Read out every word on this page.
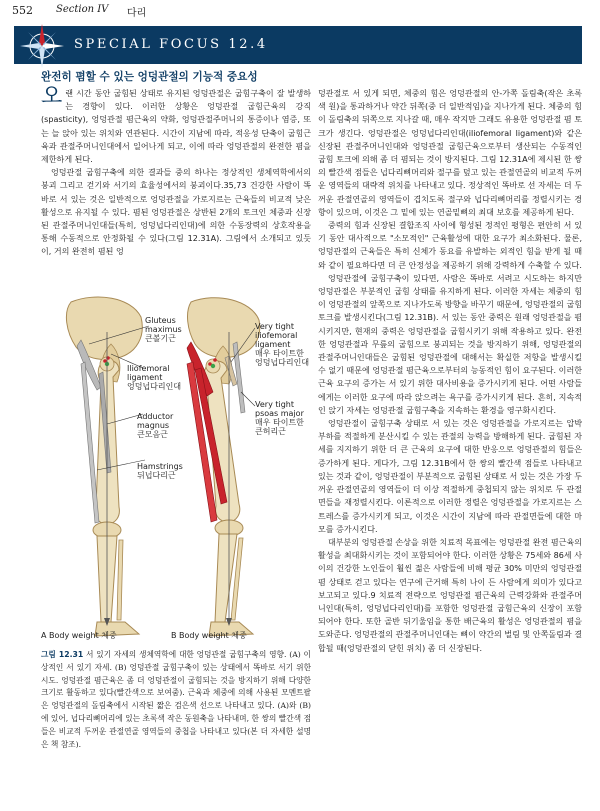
552 Section IV 다리
SPECIAL FOCUS 12.4
완전히 폄할 수 있는 엉덩관절의 기능적 중요성

오랜 시간 동안 굽힘된 상태로 유지된 엉덩관절은 굽힘구축이 잘 발생하는 경향이 있다. 이러한 상황은 엉덩관절 굽힘근육의 강직(spasticity), 엉덩관절 폄근육의 약화, 엉덩관절주머니의 통증이나 염증, 또는 늘 앉아 있는 위치와 연관된다. 시간이 지남에 따라, 적응성 단축이 굽힘근육과 관절주머니인대에서 일어나게 되고, 이에 따라 엉덩관절의 완전한 폄을 제한하게 된다.

엉덩관절 굽힘구축에 의한 결과들 중의 하나는 정상적인 생체역학에서의 붕괴 그리고 걷기와 서기의 효율성에서의 붕괴이다.35,73 건강한 사람이 똑바로 서 있는 것은 일반적으로 엉덩관절을 가로지르는 근육들의 비교적 낮은 활성으로 유지될 수 있다. 폄된 엉덩관절은 상반된 2개의 토크인 체중과 신장된 관절주머니인대들(특히, 엉덩넙다리인대)에 의한 수동장력의 상호작용을 통해 수동적으로 안정화될 수 있다(그림 12.31A). 그림에서 소개되고 있듯이, 거의 완전히 폄된 엉

덩관절로 서 있게 되면, 체중의 힘은 엉덩관절의 안-가쪽 돌림축(작은 초록색 원)을 통과하거나 약간 뒤쪽(중 더 일반적임)을 지나가게 된다. 체중의 힘이 돌림축의 뒤쪽으로 지나갈 때, 매우 작지만 그래도 유용한 엉덩관절 폄 토크가 생긴다. 엉덩관절은 엉덩넙다리인대(iliofemoral ligament)와 같은 신장된 관절주머니인대와 엉덩관절 굽힘근육으로부터 생산되는 수동적인 굽힘 토크에 의해 좀 더 폄되는 것이 방지된다. 그림 12.31A에 제시된 한 쌍의 빨간색 점들은 넙다리뼈머리와 절구를 덮고 있는 관절연골의 비교적 두꺼운 영역들의 대략적 위치를 나타내고 있다. 정상적인 똑바로 선 자세는 더 두꺼운 관절연골의 영역들이 겹치도록 절구와 넙다리뼈머리를 정렬시키는 경향이 있으며, 이것은 그 밑에 있는 연골밑뼈의 최대 보호를 제공하게 된다.

중력의 힘과 신장된 결합조직 사이에 형성된 정적인 평형은 편안히 서 있기 동안 대사적으로 "소모적인" 근육활성에 대한 요구가 최소화된다. 물론, 엉덩관절의 근육들은 특히 신체가 동요를 유발하는 외적인 힘을 받게 될 때와 같이 필요하다면 더 큰 안정성을 제공하기 위해 강력하게 수축할 수 있다.

엉덩관절에 굽힘구축이 있다면, 사람은 똑바로 서려고 시도하는 하지만 엉덩관절은 부분적인 굽힘 상태를 유지하게 된다. 이러한 자세는 체중의 힘이 엉덩관절의 앞쪽으로 지나가도록 방향을 바꾸기 때문에, 엉덩관절의 굽힘 토크를 발생시킨다(그림 12.31B). 서 있는 동안 중력은 원래 엉덩관절을 폄시키지만, 현재의 중력은 엉덩관절을 굽힘시키기 위해 작용하고 있다. 완전한 엉덩관절과 무릎의 굽힘으로 붕괴되는 것을 방지하기 위해, 엉덩관절의 관절주머니인대들은 굽힘된 엉덩관절에 대해서는 확실한 저항을 발생시킬 수 없기 때문에 엉덩관절 폄근육으로부터의 능동적인 힘이 요구된다. 이러한 근육 요구의 증가는 서 있기 위한 대사비용을 증가시키게 된다. 어떤 사람들에게는 이러한 요구에 따라 앉으려는 욕구를 증가시키게 된다. 흔히, 지속적인 앉기 자세는 엉덩관절 굽힘구축을 지속하는 환경을 영구화시킨다.

엉덩관절이 굽힘구축 상태로 서 있는 것은 엉덩관절을 가로지르는 압박 부하를 적절하게 분산시킬 수 있는 관절의 능력을 방해하게 된다. 굽힘된 자세를 지지하기 위한 더 큰 근육의 요구에 대한 반응으로 엉덩관절의 힘들은 증가하게 된다. 게다가, 그림 12.31B에서 한 쌍의 빨간색 점들로 나타내고 있는 것과 같이, 엉덩관절이 부분적으로 굽힘된 상태로 서 있는 것은 가장 두꺼운 관절연골의 영역들이 더 이상 적절하게 중첩되지 않는 위치로 두 관절면들을 재정렬시킨다. 이론적으로 이러한 정렬은 엉덩관절을 가로지르는 스트레스를 증가시키게 되고, 이것은 시간이 지남에 따라 관절면들에 대한 마모를 증가시킨다.

대부분의 엉덩관절 손상을 위한 치료적 목표에는 엉덩관절 완전 폄근육의 활성을 최대화시키는 것이 포함되어야 한다. 이러한 상황은 75세와 86세 사이의 건강한 노인들이 훨씬 젊은 사람들에 비해 평균 30% 미만의 엉덩관절 폄 상태로 걷고 있다는 연구에 근거해 특히 나이 든 사람에게 의미가 있다고 보고되고 있다.9 치료적 전략으로 엉덩관절 폄근육의 근력강화와 관절주머니인대(특히, 엉덩넙다리인대)를 포함한 엉덩관절 굽힘근육의 신장이 포함되어야 한다. 또한 골반 뒤기울임을 통한 배근육의 활성은 엉덩관절의 폄을 도와준다. 엉덩관절의 관절주머니인대는 뼈이 약간의 벌림 및 안쪽돌림과 결합될 때(엉덩관절의 닫힌 위치) 좀 더 신장된다.

Gluteus
maximus
큰볼기근
Iliofemoral
ligament
엉덩넙다리인대
Adductor
magnus
큰모음근
Hamstrings
뒤넙다리근
Very tight
iliofemoral
ligament
매우 타이트한
엉덩넙다리인대
Very tight
psoas major
매우 타이트한
큰허리근
A Body weight 체중	B Body weight 체중
그림 12.31 서 있기 자세의 생체역학에 대한 엉덩관절 굽힘구축의 영향. (A) 이상적인 서 있기 자세. (B) 엉덩관절 굽힘구축이 있는 상태에서 똑바로 서기 위한 시도. 엉덩관절 폄근육은 좀 더 엉덩관절이 굽힘되는 것을 방지하기 위해 다양한 크기로 활동하고 있다(빨간색으로 보여줌). 근육과 체중에 의해 사용된 모멘트팔은 엉덩관절의 돌림축에서 시작된 짧은 검은색 선으로 나타내고 있다. (A)와 (B)에 있어, 넙다리뼈머리에 있는 초록색 작은 동원축을 나타내며, 한 쌍의 빨간색 점들은 비교적 두꺼운 관절연골 영역들의 중첩을 나타내고 있다(본 더 자세한 설명은 책 참조).
